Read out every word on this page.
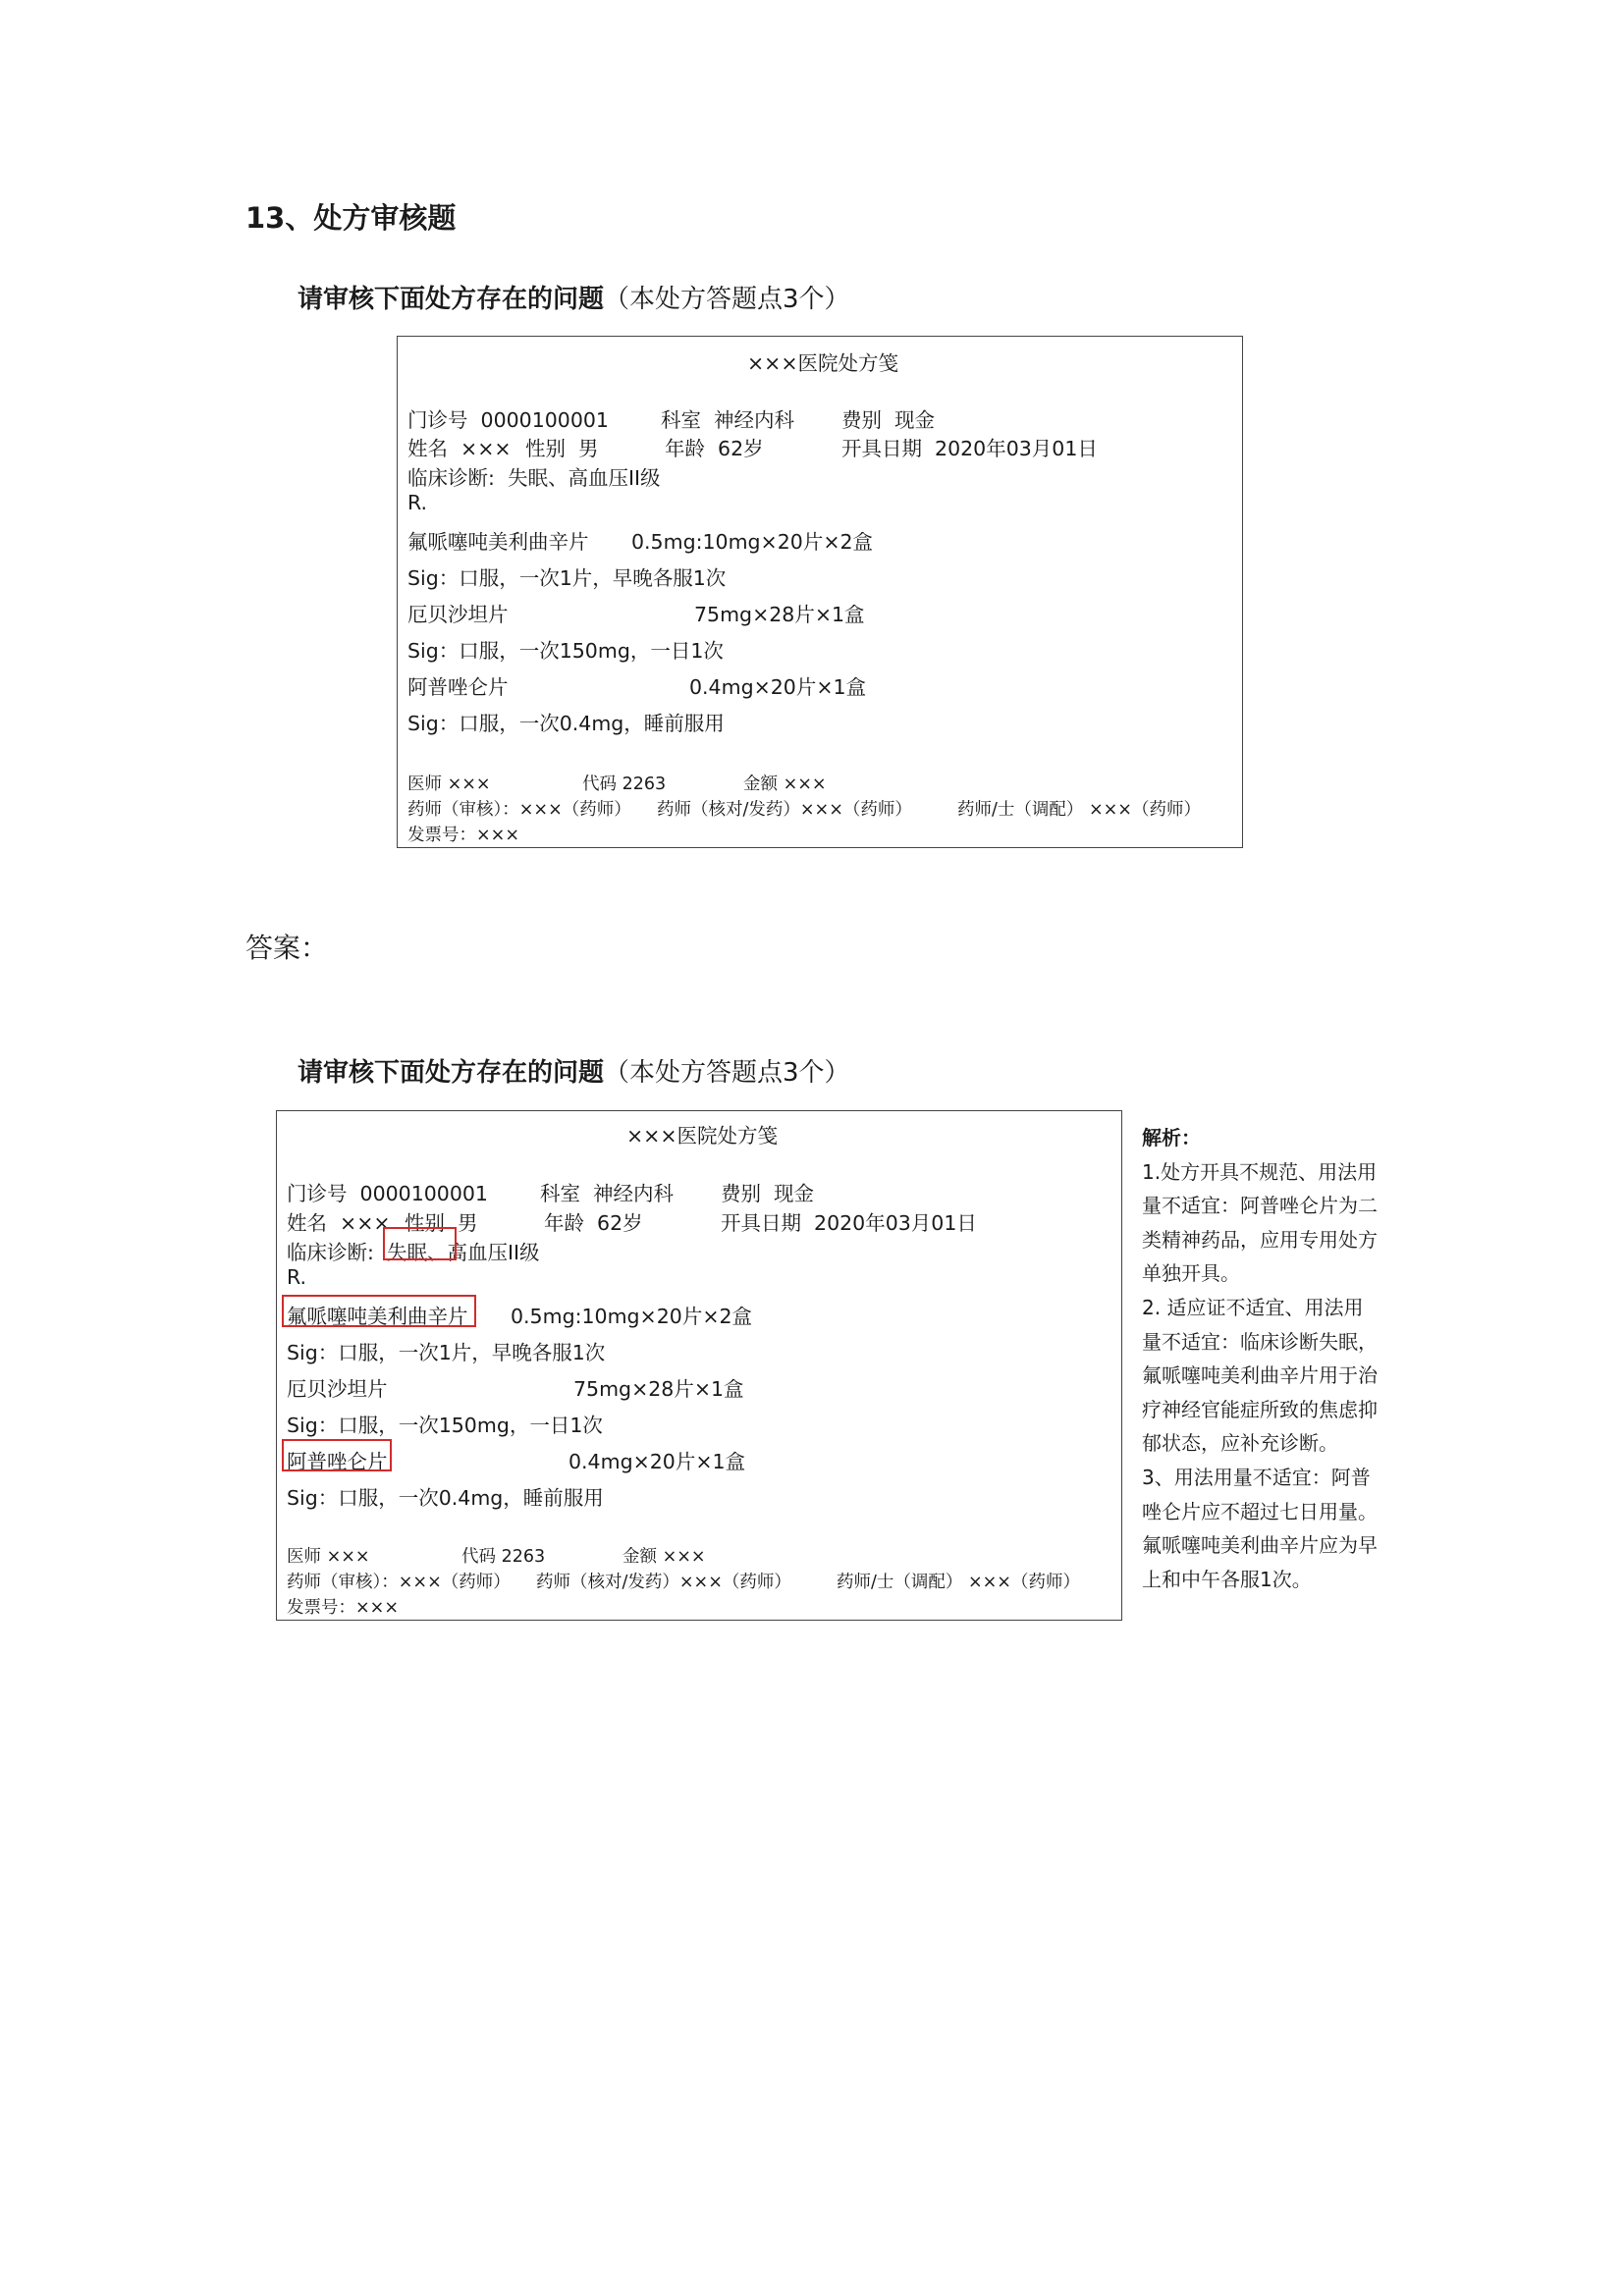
13、处方审核题
请审核下面处方存在的问题（本处方答题点3个）
×××医院处方笺
门诊号 0000100001	科室 神经内科 费别 现金
姓名 ××× 性别 男	年龄 62岁	开具日期 2020年03月01日
临床诊断: 失眠、高血压II级
R.
氟哌噻吨美利曲辛片 0.5mg:10mg×20片×2盒
Sig：口服，一次1片，早晚各服1次
厄贝沙坦片	75mg×28片×1盒
Sig：口服，一次150mg，一日1次
阿普唑仑片	0.4mg×20片×1盒
Sig：口服，一次0.4mg，睡前服用
医师 ×××	代码 2263	金额 ×××
药师（审核）：×××（药师） 药师（核对/发药）×××（药师）	药师/士（调配） ×××（药师）
发票号：×××
答案：
请审核下面处方存在的问题（本处方答题点3个）
×××医院处方笺
门诊号 0000100001	科室 神经内科 费别 现金
姓名 ××× 性别 男	年龄 62岁	开具日期 2020年03月01日
临床诊断: 失眠、高血压II级
R.
氟哌噻吨美利曲辛片 0.5mg:10mg×20片×2盒
Sig：口服，一次1片，早晚各服1次
厄贝沙坦片	75mg×28片×1盒
Sig：口服，一次150mg，一日1次
阿普唑仑片	0.4mg×20片×1盒
Sig：口服，一次0.4mg，睡前服用
医师 ×××	代码 2263	金额 ×××
药师（审核）：×××（药师） 药师（核对/发药）×××（药师）	药师/士（调配） ×××（药师）
发票号：×××

解析：

1.处方开具不规范、用法用量不适宜：阿普唑仑片为二类精神药品，应用专用处方单独开具。

2. 适应证不适宜、用法用量不适宜：临床诊断失眠，氟哌噻吨美利曲辛片用于治疗神经官能症所致的焦虑抑郁状态，应补充诊断。

3、用法用量不适宜：阿普唑仑片应不超过七日用量。氟哌噻吨美利曲辛片应为早上和中午各服1次。
